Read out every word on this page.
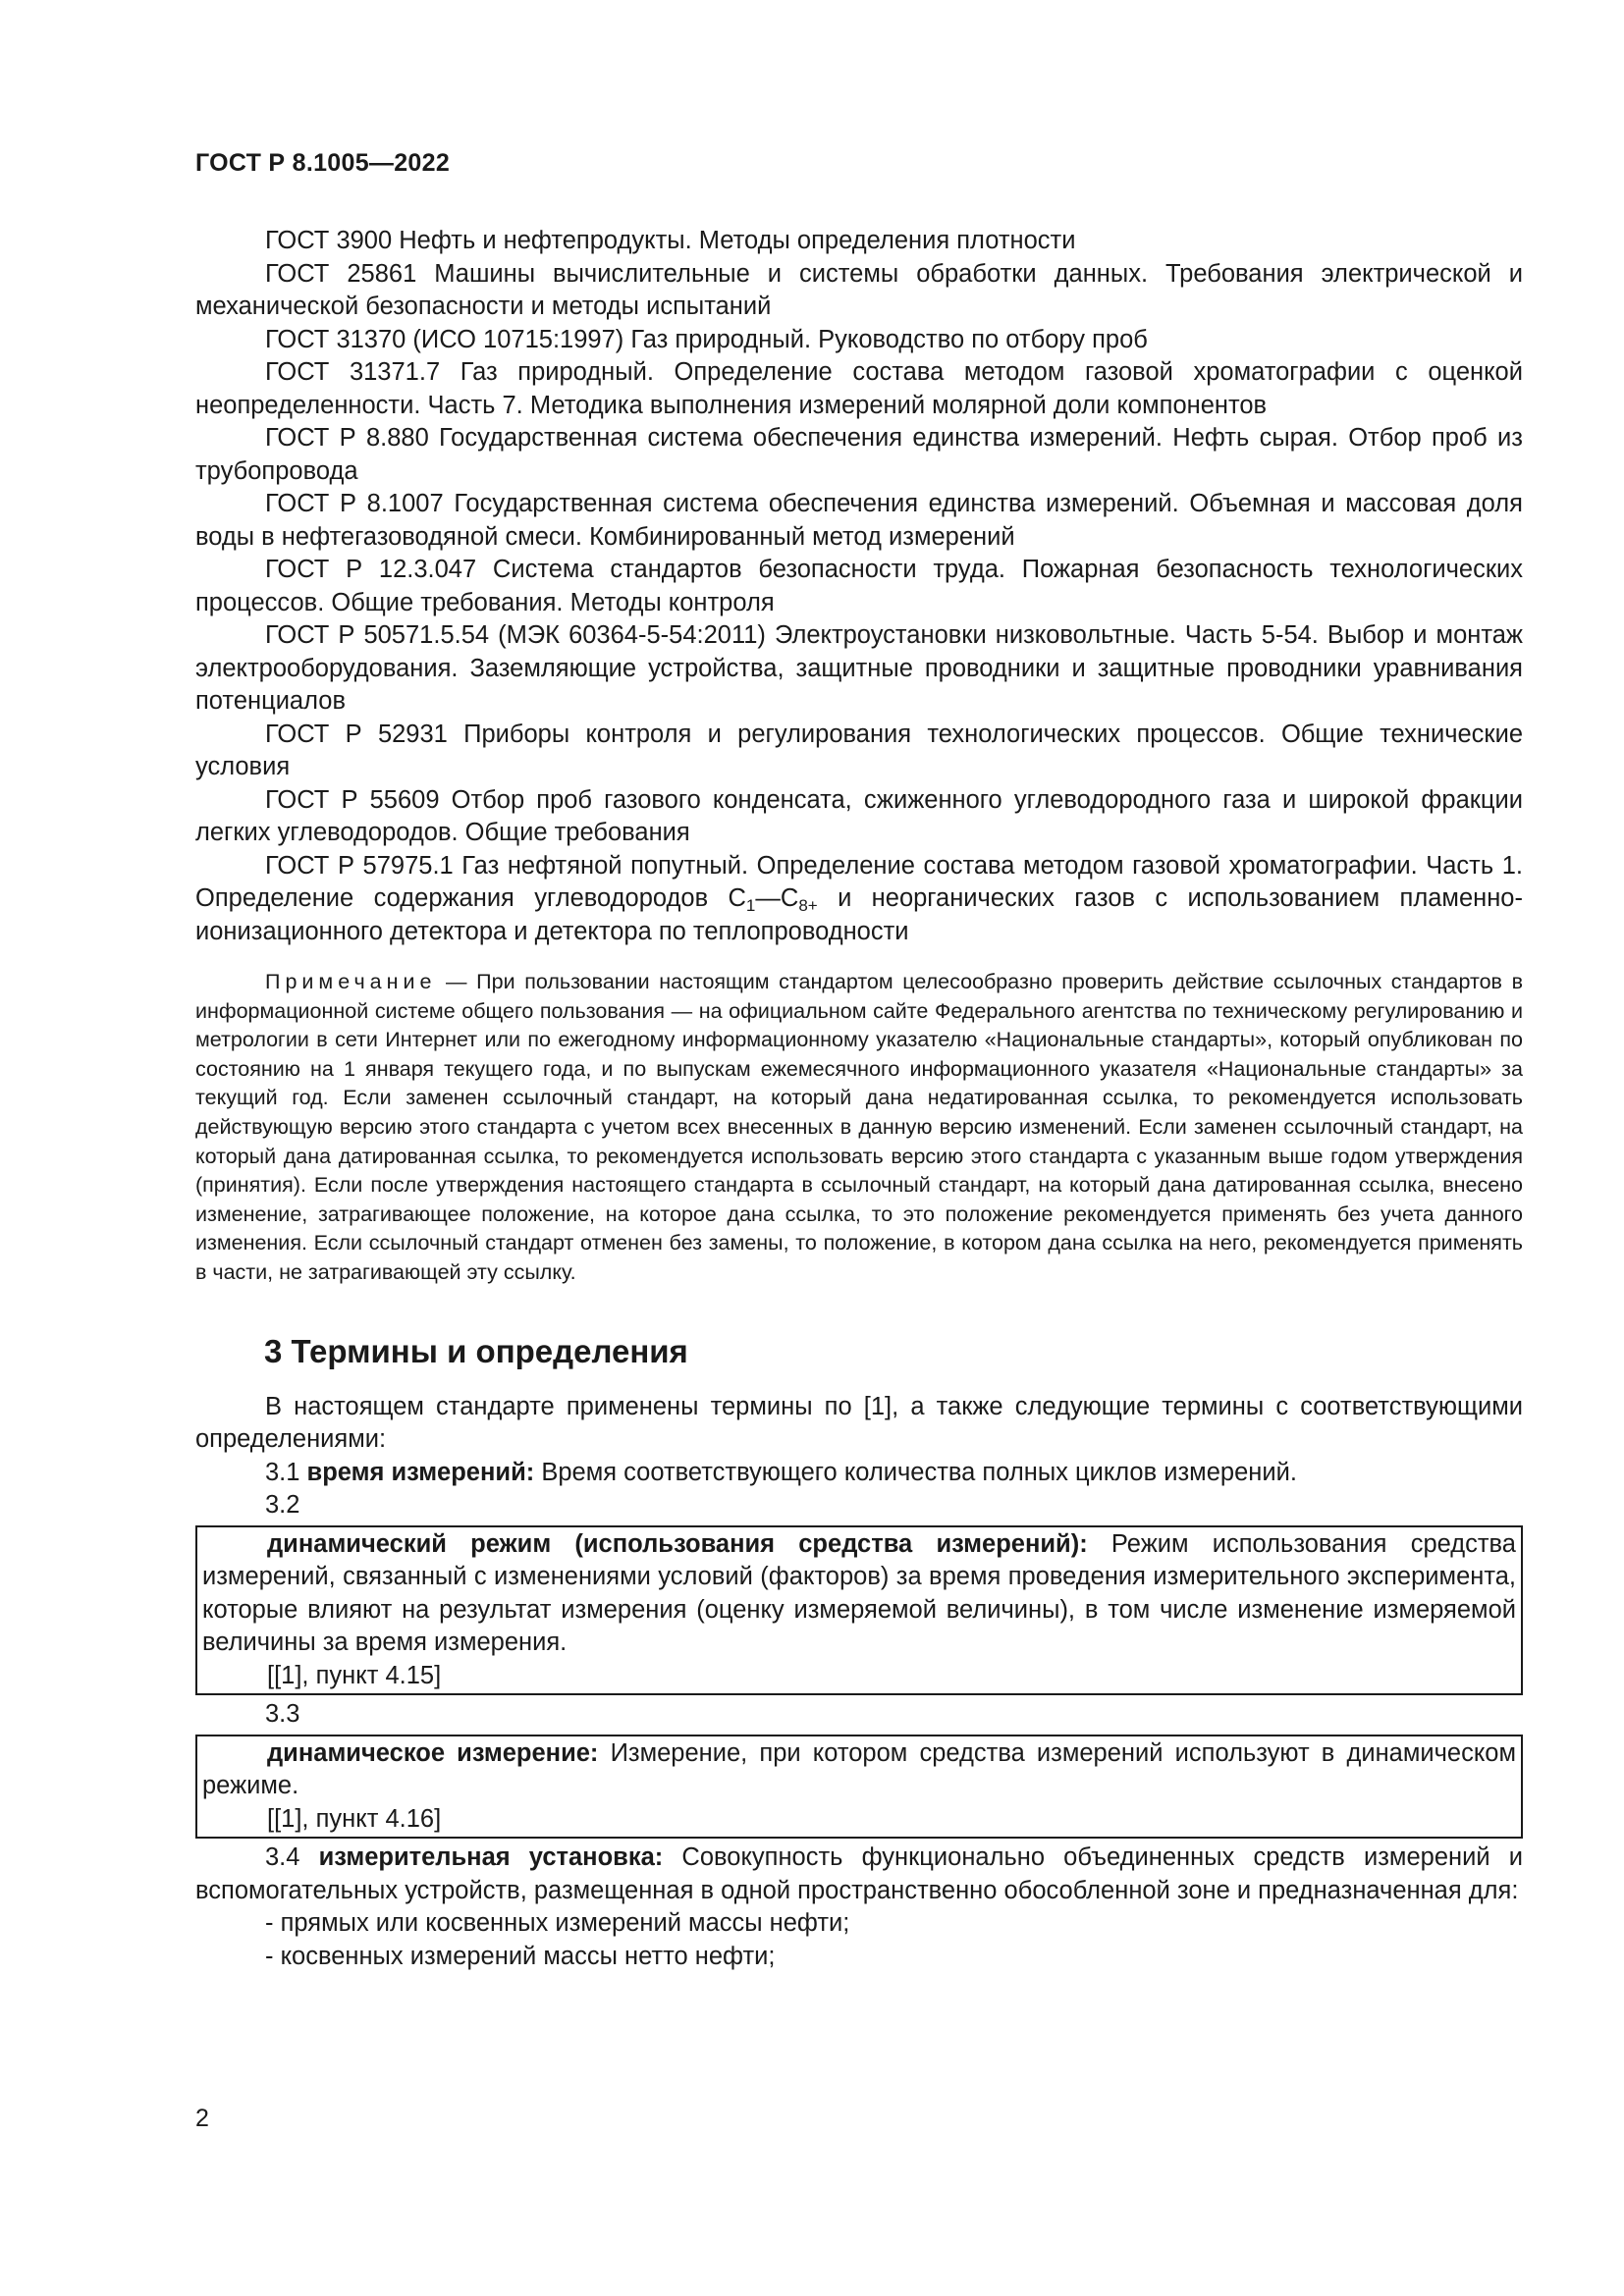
ГОСТ Р 8.1005—2022

ГОСТ 3900 Нефть и нефтепродукты. Методы определения плотности

ГОСТ 25861 Машины вычислительные и системы обработки данных. Требования электрической и механической безопасности и методы испытаний

ГОСТ 31370 (ИСО 10715:1997) Газ природный. Руководство по отбору проб

ГОСТ 31371.7 Газ природный. Определение состава методом газовой хроматографии с оценкой неопределенности. Часть 7. Методика выполнения измерений молярной доли компонентов

ГОСТ Р 8.880 Государственная система обеспечения единства измерений. Нефть сырая. Отбор проб из трубопровода

ГОСТ Р 8.1007 Государственная система обеспечения единства измерений. Объемная и массовая доля воды в нефтегазоводяной смеси. Комбинированный метод измерений

ГОСТ Р 12.3.047 Система стандартов безопасности труда. Пожарная безопасность технологических процессов. Общие требования. Методы контроля

ГОСТ Р 50571.5.54 (МЭК 60364-5-54:2011) Электроустановки низковольтные. Часть 5-54. Выбор и монтаж электрооборудования. Заземляющие устройства, защитные проводники и защитные проводники уравнивания потенциалов

ГОСТ Р 52931 Приборы контроля и регулирования технологических процессов. Общие технические условия

ГОСТ Р 55609 Отбор проб газового конденсата, сжиженного углеводородного газа и широкой фракции легких углеводородов. Общие требования

ГОСТ Р 57975.1 Газ нефтяной попутный. Определение состава методом газовой хроматографии. Часть 1. Определение содержания углеводородов $C_1—C_{8+}$ и неорганических газов с использованием пламенно-ионизационного детектора и детектора по теплопроводности

Примечание — При пользовании настоящим стандартом целесообразно проверить действие ссылочных стандартов в информационной системе общего пользования — на официальном сайте Федерального агентства по техническому регулированию и метрологии в сети Интернет или по ежегодному информационному указателю «Национальные стандарты», который опубликован по состоянию на 1 января текущего года, и по выпускам ежемесячного информационного указателя «Национальные стандарты» за текущий год. Если заменен ссылочный стандарт, на который дана недатированная ссылка, то рекомендуется использовать действующую версию этого стандарта с учетом всех внесенных в данную версию изменений. Если заменен ссылочный стандарт, на который дана датированная ссылка, то рекомендуется использовать версию этого стандарта с указанным выше годом утверждения (принятия). Если после утверждения настоящего стандарта в ссылочный стандарт, на который дана датированная ссылка, внесено изменение, затрагивающее положение, на которое дана ссылка, то это положение рекомендуется применять без учета данного изменения. Если ссылочный стандарт отменен без замены, то положение, в котором дана ссылка на него, рекомендуется применять в части, не затрагивающей эту ссылку.

3 Термины и определения

В настоящем стандарте применены термины по [1], а также следующие термины с соответствующими определениями:

3.1 время измерений: Время соответствующего количества полных циклов измерений.

3.2

динамический режим (использования средства измерений): Режим использования средства измерений, связанный с изменениями условий (факторов) за время проведения измерительного эксперимента, которые влияют на результат измерения (оценку измеряемой величины), в том числе изменение измеряемой величины за время измерения.

[[1], пункт 4.15]

3.3

динамическое измерение: Измерение, при котором средства измерений используют в динамическом режиме.

[[1], пункт 4.16]

3.4 измерительная установка: Совокупность функционально объединенных средств измерений и вспомогательных устройств, размещенная в одной пространственно обособленной зоне и предназначенная для:

- прямых или косвенных измерений массы нефти;

- косвенных измерений массы нетто нефти;

2
